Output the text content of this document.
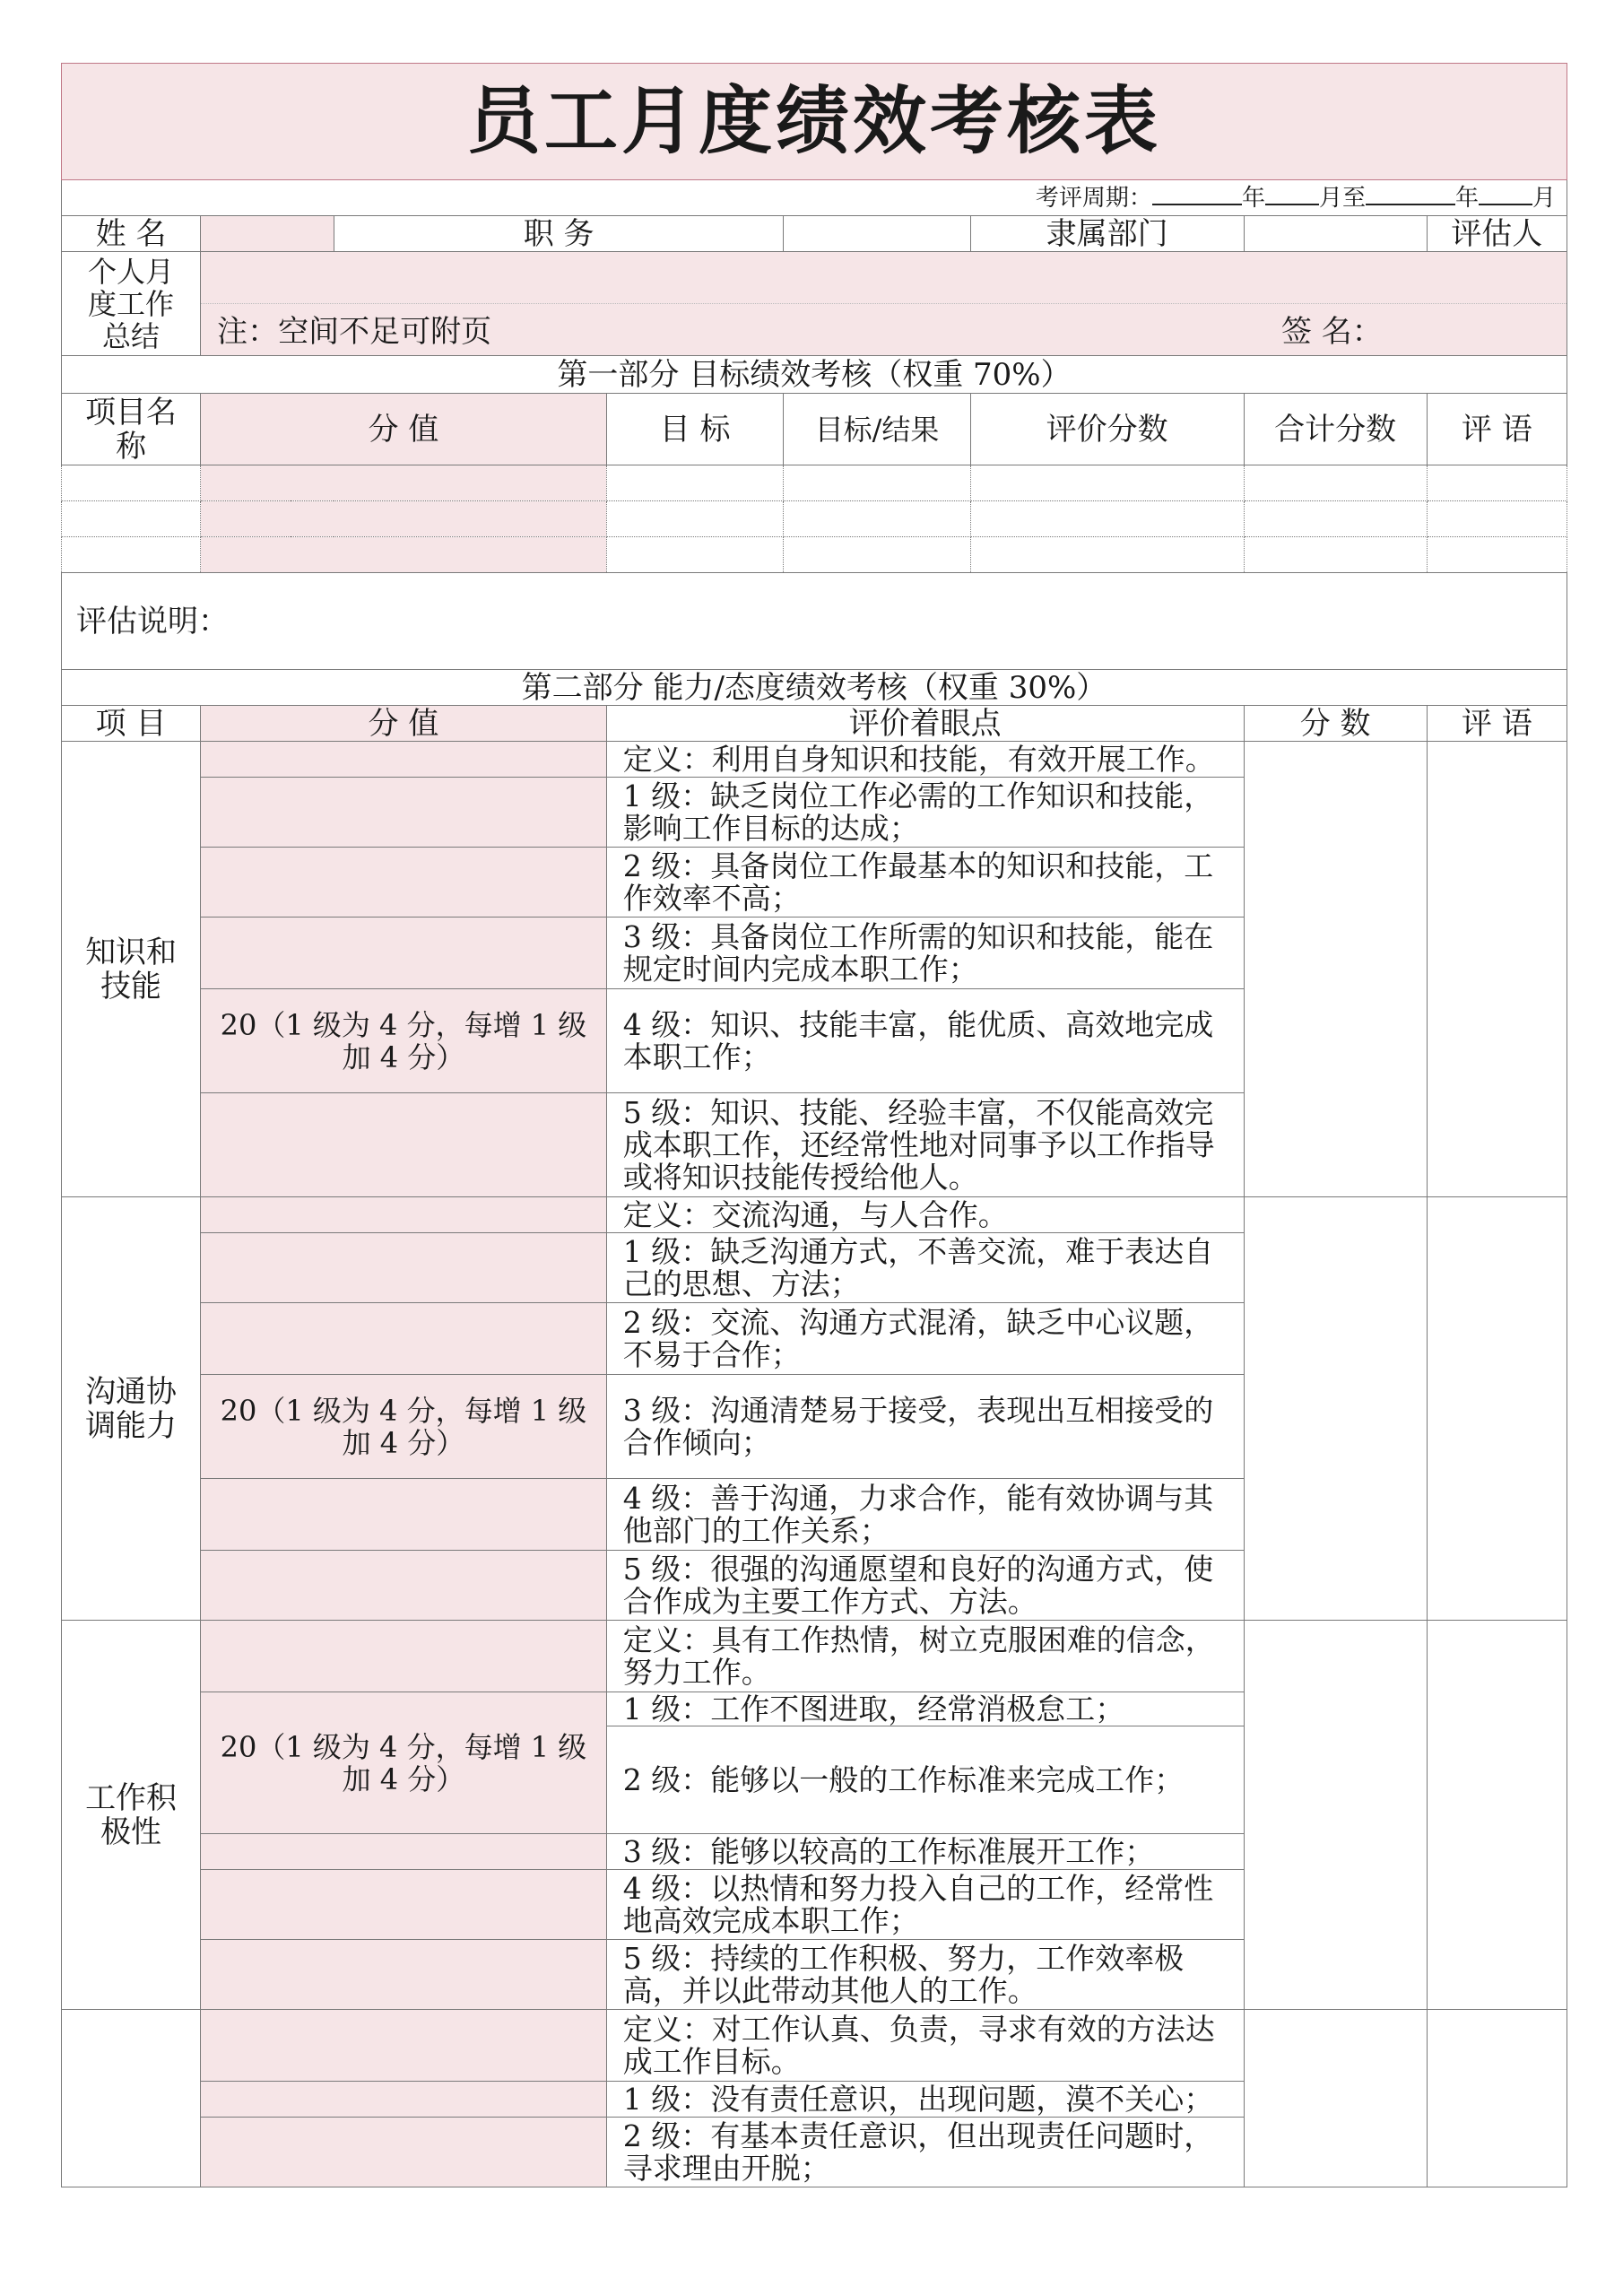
员工月度绩效考核表							
考评周期： 年 月至 年 月							
姓 名		职 务			隶属部门		评估人
个人月度工作总结	注：空间不足可附页 签 名：						

第一部分 目标绩效考核（权重 70%）							
项目名称	分 值		目 标	目标/结果	评价分数	合计分数	评 语

评估说明：							
第二部分 能力/态度绩效考核（权重 30%）							
项 目	分 值		评价着眼点			分 数	评 语
知识和技能			定义：利用自身知识和技能，有效开展工作。				
			1 级：缺乏岗位工作必需的工作知识和技能，影响工作目标的达成；				
			2 级：具备岗位工作最基本的知识和技能，工作效率不高；				
			3 级：具备岗位工作所需的知识和技能，能在规定时间内完成本职工作；				
	20（1 级为 4 分，每增 1 级加 4 分）		4 级：知识、技能丰富，能优质、高效地完成本职工作；				
			5 级：知识、技能、经验丰富，不仅能高效完成本职工作，还经常性地对同事予以工作指导或将知识技能传授给他人。				
沟通协调能力			定义：交流沟通，与人合作。				
			1 级：缺乏沟通方式，不善交流，难于表达自己的思想、方法；				
			2 级：交流、沟通方式混淆，缺乏中心议题，不易于合作；				
	20（1 级为 4 分，每增 1 级加 4 分）		3 级：沟通清楚易于接受，表现出互相接受的合作倾向；				
			4 级：善于沟通，力求合作，能有效协调与其他部门的工作关系；				
			5 级：很强的沟通愿望和良好的沟通方式，使合作成为主要工作方式、方法。				
工作积极性			定义：具有工作热情，树立克服困难的信念，努力工作。				
	20（1 级为 4 分，每增 1 级加 4 分）		1 级：工作不图进取，经常消极怠工；				
			2 级：能够以一般的工作标准来完成工作；				
			3 级：能够以较高的工作标准展开工作；				
			4 级：以热情和努力投入自己的工作，经常性地高效完成本职工作；				
			5 级：持续的工作积极、努力，工作效率极高，并以此带动其他人的工作。				
			定义：对工作认真、负责，寻求有效的方法达成工作目标。				
			1 级：没有责任意识，出现问题，漠不关心；				
			2 级：有基本责任意识，但出现责任问题时，寻求理由开脱；				
